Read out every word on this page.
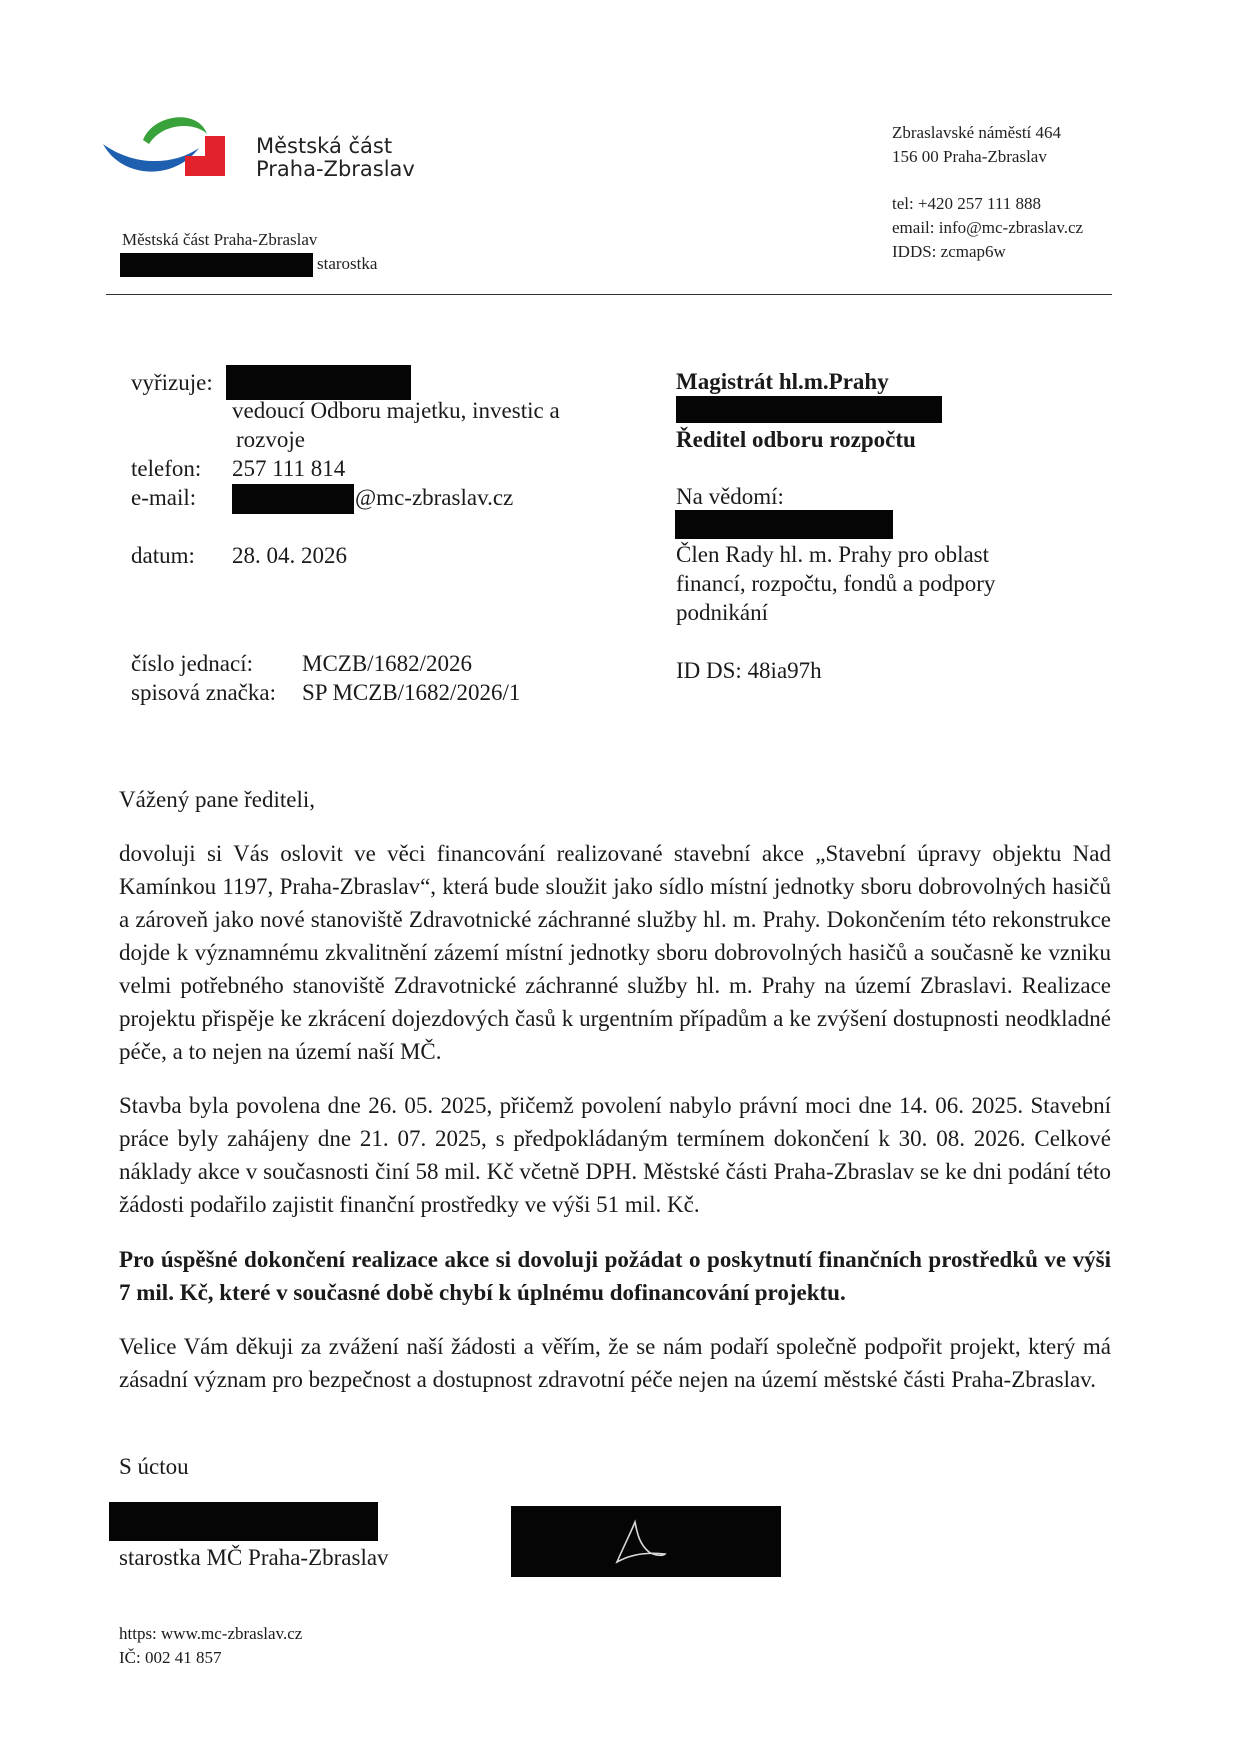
Městská část
Praha-Zbraslav
Městská část Praha-Zbraslav
starostka
Zbraslavské náměstí 464
156 00 Praha-Zbraslav
tel: +420 257 111 888
email: info@mc-zbraslav.cz
IDDS: zcmap6w
vyřizuje:
vedoucí Odboru majetku, investic a
rozvoje
telefon: 257 111 814
e-mail:	@mc-zbraslav.cz
datum: 28. 04. 2026
číslo jednací: MCZB/1682/2026
spisová značka: SP MCZB/1682/2026/1
Magistrát hl.m.Prahy
Ředitel odboru rozpočtu
Na vědomí:
Člen Rady hl. m. Prahy pro oblast
financí, rozpočtu, fondů a podpory
podnikání
ID DS: 48ia97h
Vážený pane řediteli,
dovoluji si Vás oslovit ve věci financování realizované stavební akce „Stavební úpravy objektu Nad Kamínkou 1197, Praha-Zbraslav“, která bude sloužit jako sídlo místní jednotky sboru dobrovolných hasičů a zároveň jako nové stanoviště Zdravotnické záchranné služby hl. m. Prahy. Dokončením této rekonstrukce dojde k významnému zkvalitnění zázemí místní jednotky sboru dobrovolných hasičů a současně ke vzniku velmi potřebného stanoviště Zdravotnické záchranné služby hl. m. Prahy na území Zbraslavi. Realizace projektu přispěje ke zkrácení dojezdových časů k urgentním případům a ke zvýšení dostupnosti neodkladné péče, a to nejen na území naší MČ.
Stavba byla povolena dne 26. 05. 2025, přičemž povolení nabylo právní moci dne 14. 06. 2025. Stavební práce byly zahájeny dne 21. 07. 2025, s předpokládaným termínem dokončení k 30. 08. 2026. Celkové náklady akce v současnosti činí 58 mil. Kč včetně DPH. Městské části Praha-Zbraslav se ke dni podání této žádosti podařilo zajistit finanční prostředky ve výši 51 mil. Kč.
Pro úspěšné dokončení realizace akce si dovoluji požádat o poskytnutí finančních prostředků ve výši 7 mil. Kč, které v současné době chybí k úplnému dofinancování projektu.
Velice Vám děkuji za zvážení naší žádosti a věřím, že se nám podaří společně podpořit projekt, který má zásadní význam pro bezpečnost a dostupnost zdravotní péče nejen na území městské části Praha-Zbraslav.
S úctou
starostka MČ Praha-Zbraslav
https: www.mc-zbraslav.cz
IČ: 002 41 857
